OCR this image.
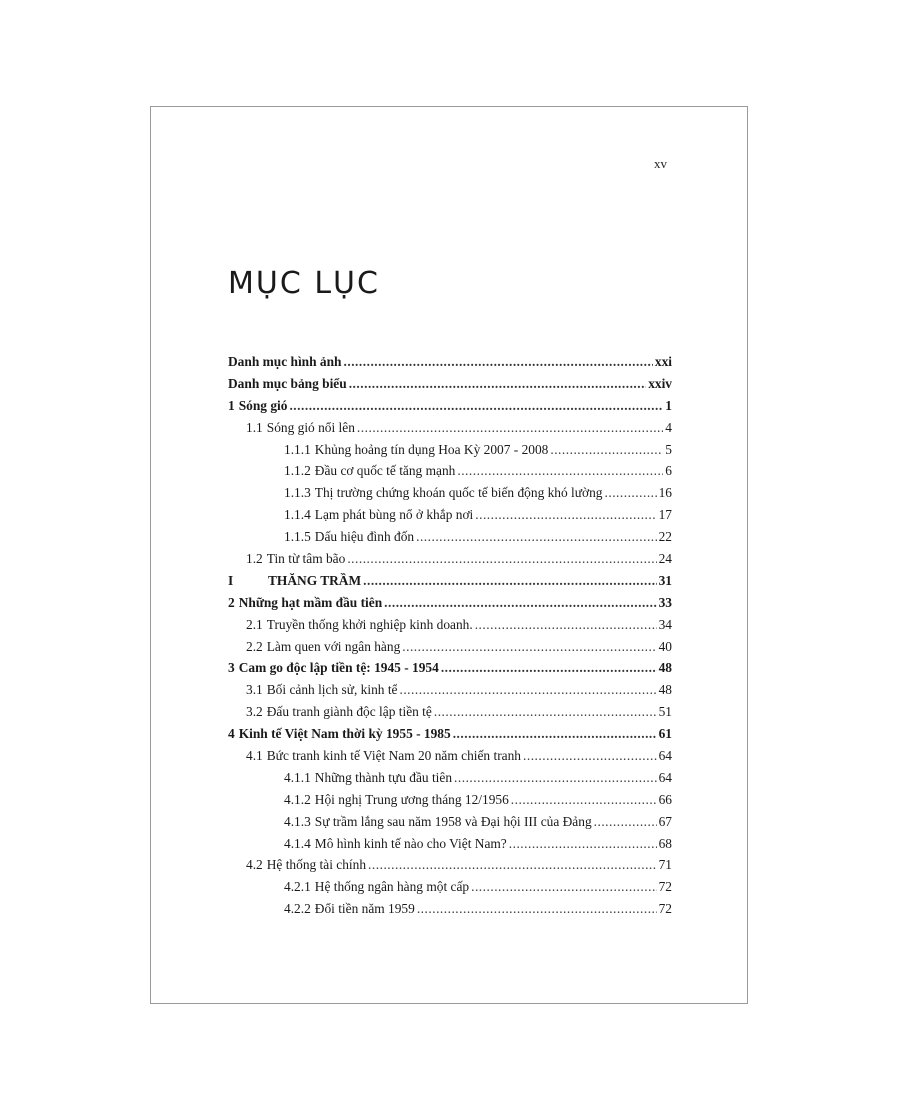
xv
MỤC LỤC
Danh mục hình ảnh .....	xxi
Danh mục bảng biểu .....	xxiv
1 Sóng gió .....	1
1.1 Sóng gió nổi lên .....	4
1.1.1 Khủng hoảng tín dụng Hoa Kỳ 2007 - 2008 .....	5
1.1.2 Đầu cơ quốc tế tăng mạnh .....	6
1.1.3 Thị trường chứng khoán quốc tế biến động khó lường .....	16
1.1.4 Lạm phát bùng nổ ở khắp nơi .....	17
1.1.5 Dấu hiệu đình đốn .....	22
1.2 Tin từ tâm bão .....	24
I	THĂNG TRẦM .....	31
2 Những hạt mầm đầu tiên .....	33
2.1 Truyền thống khởi nghiệp kinh doanh. .....	34
2.2 Làm quen với ngân hàng .....	40
3 Cam go độc lập tiền tệ: 1945 - 1954 .....	48
3.1 Bối cảnh lịch sử, kinh tế .....	48
3.2 Đấu tranh giành độc lập tiền tệ .....	51
4 Kinh tế Việt Nam thời kỳ 1955 - 1985 .....	61
4.1 Bức tranh kinh tế Việt Nam 20 năm chiến tranh .....	64
4.1.1 Những thành tựu đầu tiên .....	64
4.1.2 Hội nghị Trung ương tháng 12/1956 .....	66
4.1.3 Sự trầm lắng sau năm 1958 và Đại hội III của Đảng .....	67
4.1.4 Mô hình kinh tế nào cho Việt Nam? .....	68
4.2 Hệ thống tài chính .....	71
4.2.1 Hệ thống ngân hàng một cấp .....	72
4.2.2 Đổi tiền năm 1959 .....	72
